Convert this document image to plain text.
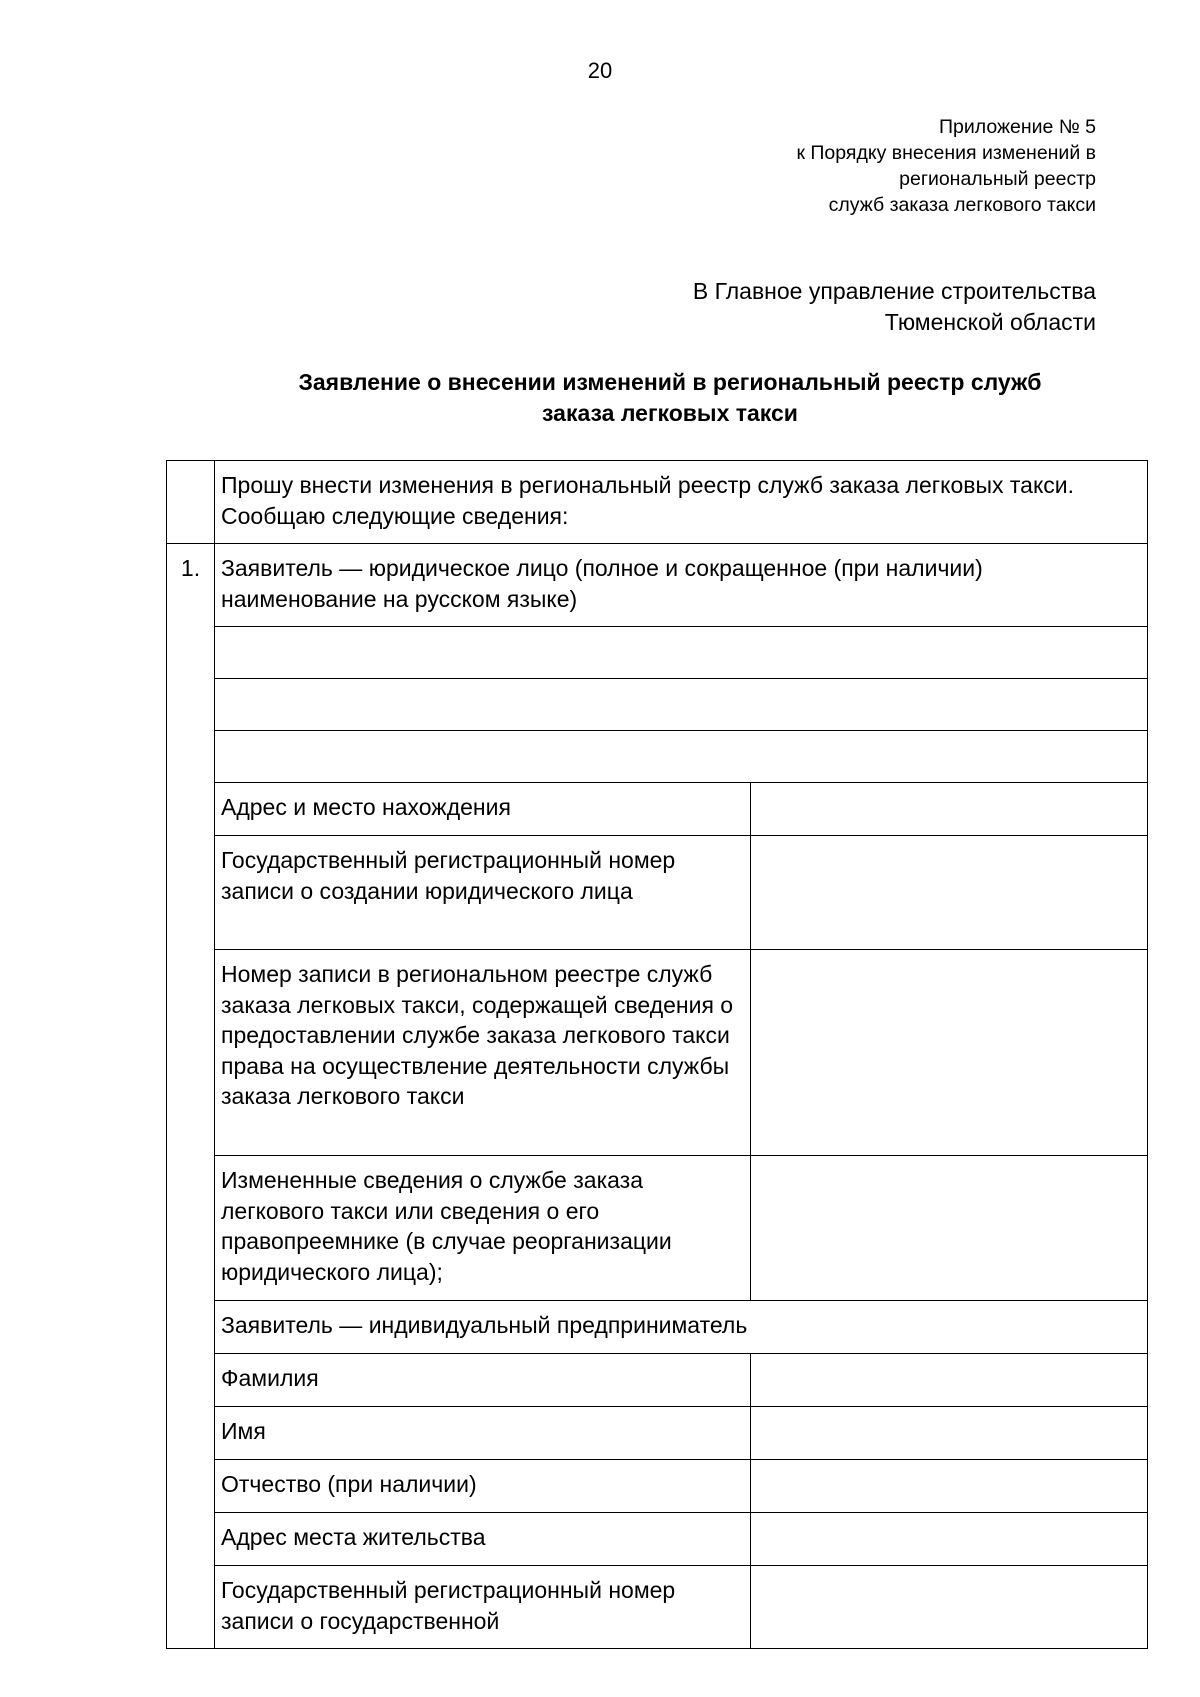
20
Приложение № 5
к Порядку внесения изменений в
региональный реестр
служб заказа легкового такси
В Главное управление строительства
Тюменской области
Заявление о внесении изменений в региональный реестр служб
заказа легковых такси
	Прошу внести изменения в региональный реестр служб заказа легковых такси. Сообщаю следующие сведения:	
1.	Заявитель — юридическое лицо (полное и сокращенное (при наличии) наименование на русском языке)	

	Адрес и место нахождения	
	Государственный регистрационный номер записи о создании юридического лица	
	Номер записи в региональном реестре служб заказа легковых такси, содержащей сведения о предоставлении службе заказа легкового такси права на осуществление деятельности службы заказа легкового такси	
	Измененные сведения о службе заказа легкового такси или сведения о его правопреемнике (в случае реорганизации юридического лица);	
	Заявитель — индивидуальный предприниматель	
	Фамилия	
	Имя	
	Отчество (при наличии)	
	Адрес места жительства	
	Государственный регистрационный номер записи о государственной	
